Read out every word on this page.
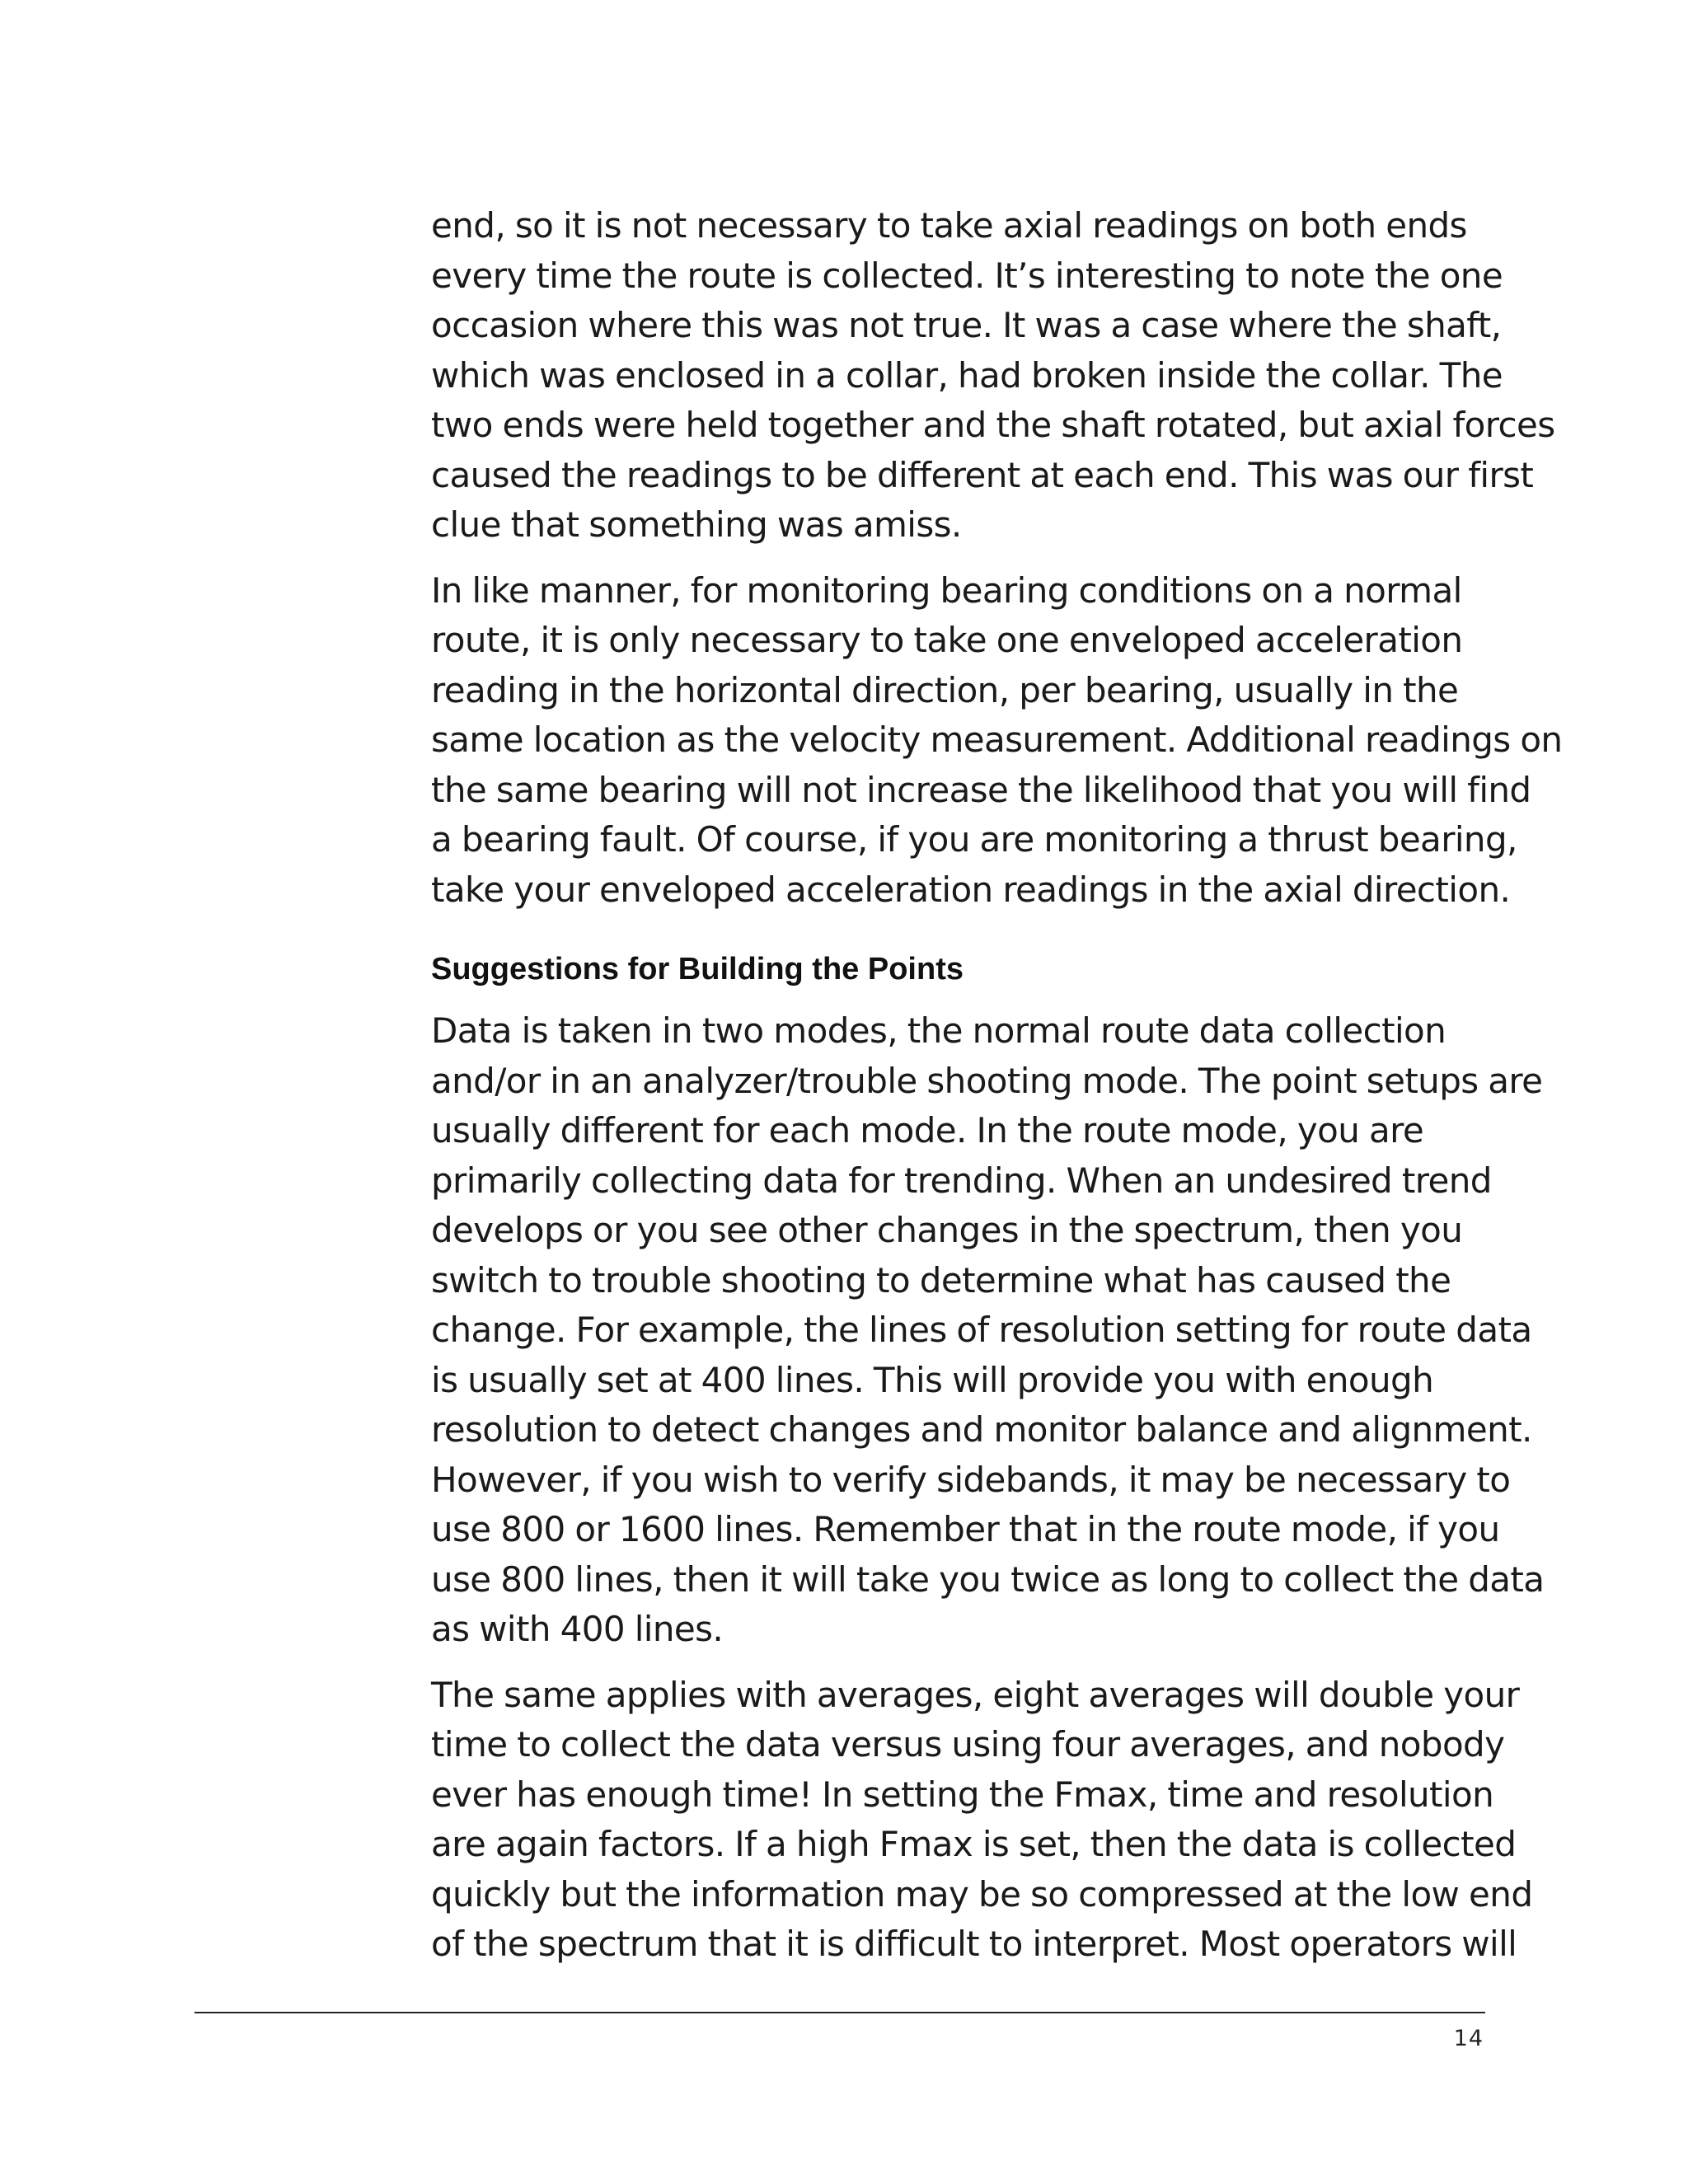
end, so it is not necessary to take axial readings on both ends
every time the route is collected. It’s interesting to note the one
occasion where this was not true. It was a case where the shaft,
which was enclosed in a collar, had broken inside the collar. The
two ends were held together and the shaft rotated, but axial forces
caused the readings to be different at each end. This was our first
clue that something was amiss.

In like manner, for monitoring bearing conditions on a normal
route, it is only necessary to take one enveloped acceleration
reading in the horizontal direction, per bearing, usually in the
same location as the velocity measurement. Additional readings on
the same bearing will not increase the likelihood that you will find
a bearing fault. Of course, if you are monitoring a thrust bearing,
take your enveloped acceleration readings in the axial direction.

Suggestions for Building the Points

Data is taken in two modes, the normal route data collection
and/or in an analyzer/trouble shooting mode. The point setups are
usually different for each mode. In the route mode, you are
primarily collecting data for trending. When an undesired trend
develops or you see other changes in the spectrum, then you
switch to trouble shooting to determine what has caused the
change. For example, the lines of resolution setting for route data
is usually set at 400 lines. This will provide you with enough
resolution to detect changes and monitor balance and alignment.
However, if you wish to verify sidebands, it may be necessary to
use 800 or 1600 lines. Remember that in the route mode, if you
use 800 lines, then it will take you twice as long to collect the data
as with 400 lines.

The same applies with averages, eight averages will double your
time to collect the data versus using four averages, and nobody
ever has enough time! In setting the Fmax, time and resolution
are again factors. If a high Fmax is set, then the data is collected
quickly but the information may be so compressed at the low end
of the spectrum that it is difficult to interpret. Most operators will

14
